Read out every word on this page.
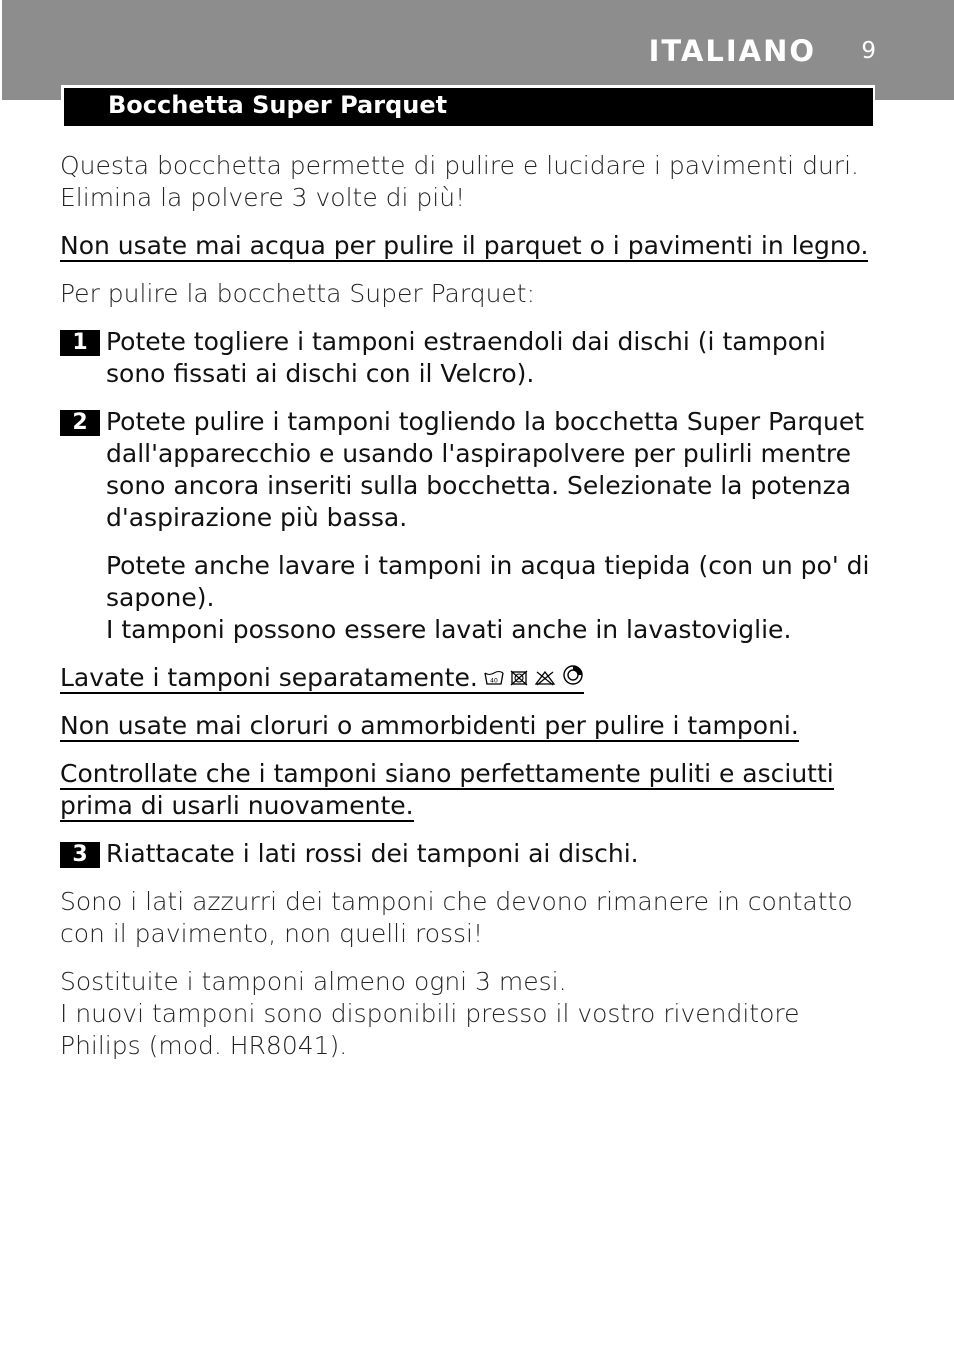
ITALIANO 9
Bocchetta Super Parquet

Questa bocchetta permette di pulire e lucidare i pavimenti duri. Elimina la polvere 3 volte di più!

Non usate mai acqua per pulire il parquet o i pavimenti in legno.

Per pulire la bocchetta Super Parquet:

1 Potete togliere i tamponi estraendoli dai dischi (i tamponi sono fissati ai dischi con il Velcro).
2 Potete pulire i tamponi togliendo la bocchetta Super Parquet dall'apparecchio e usando l'aspirapolvere per pulirli mentre sono ancora inseriti sulla bocchetta. Selezionate la potenza d'aspirazione più bassa.
Potete anche lavare i tamponi in acqua tiepida (con un po' di sapone).
I tamponi possono essere lavati anche in lavastoviglie.
Lavate i tamponi separatamente. 40
Non usate mai cloruri o ammorbidenti per pulire i tamponi.
Controllate che i tamponi siano perfettamente puliti e asciutti prima di usarli nuovamente.
3 Riattacate i lati rossi dei tamponi ai dischi.

Sono i lati azzurri dei tamponi che devono rimanere in contatto con il pavimento, non quelli rossi!

Sostituite i tamponi almeno ogni 3 mesi.
I nuovi tamponi sono disponibili presso il vostro rivenditore Philips (mod. HR8041).
